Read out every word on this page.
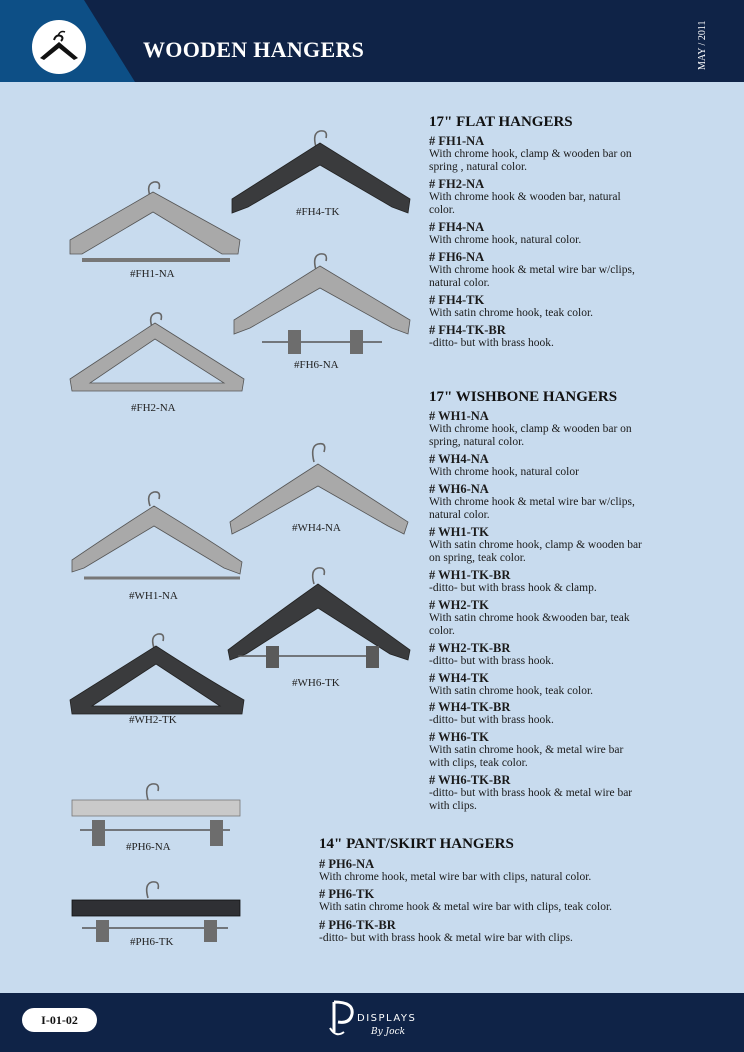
WOODEN HANGERS	MAY / 2011
#FH1-NA
#FH4-TK
#FH2-NA
#FH6-NA
#WH4-NA
#WH1-NA
#WH6-TK
#WH2-TK
#PH6-NA
#PH6-TK
17" FLAT HANGERS
# FH1-NA
With chrome hook, clamp & wooden bar on spring , natural color.
# FH2-NA
With chrome hook & wooden bar, natural color.
# FH4-NA
With chrome hook, natural color.
# FH6-NA
With chrome hook & metal wire bar w/clips, natural color.
# FH4-TK
With satin chrome hook, teak color.
# FH4-TK-BR
-ditto- but with brass hook.
17" WISHBONE HANGERS
# WH1-NA
With chrome hook, clamp & wooden bar on spring, natural color.
# WH4-NA
With chrome hook, natural color
# WH6-NA
With chrome hook & metal wire bar w/clips, natural color.
# WH1-TK
With satin chrome hook, clamp & wooden bar on spring, teak color.
# WH1-TK-BR
-ditto- but with brass hook & clamp.
# WH2-TK
With satin chrome hook &wooden bar, teak color.
# WH2-TK-BR
-ditto- but with brass hook.
# WH4-TK
With satin chrome hook, teak color.
# WH4-TK-BR
-ditto- but with brass hook.
# WH6-TK
With satin chrome hook, & metal wire bar with clips, teak color.
# WH6-TK-BR
-ditto- but with brass hook & metal wire bar with clips.
14" PANT/SKIRT HANGERS
# PH6-NA
With chrome hook, metal wire bar with clips, natural color.
# PH6-TK
With satin chrome hook & metal wire bar with clips, teak color.
# PH6-TK-BR
-ditto- but with brass hook & metal wire bar with clips.
I-01-02	DISPLAYS
By Jock
